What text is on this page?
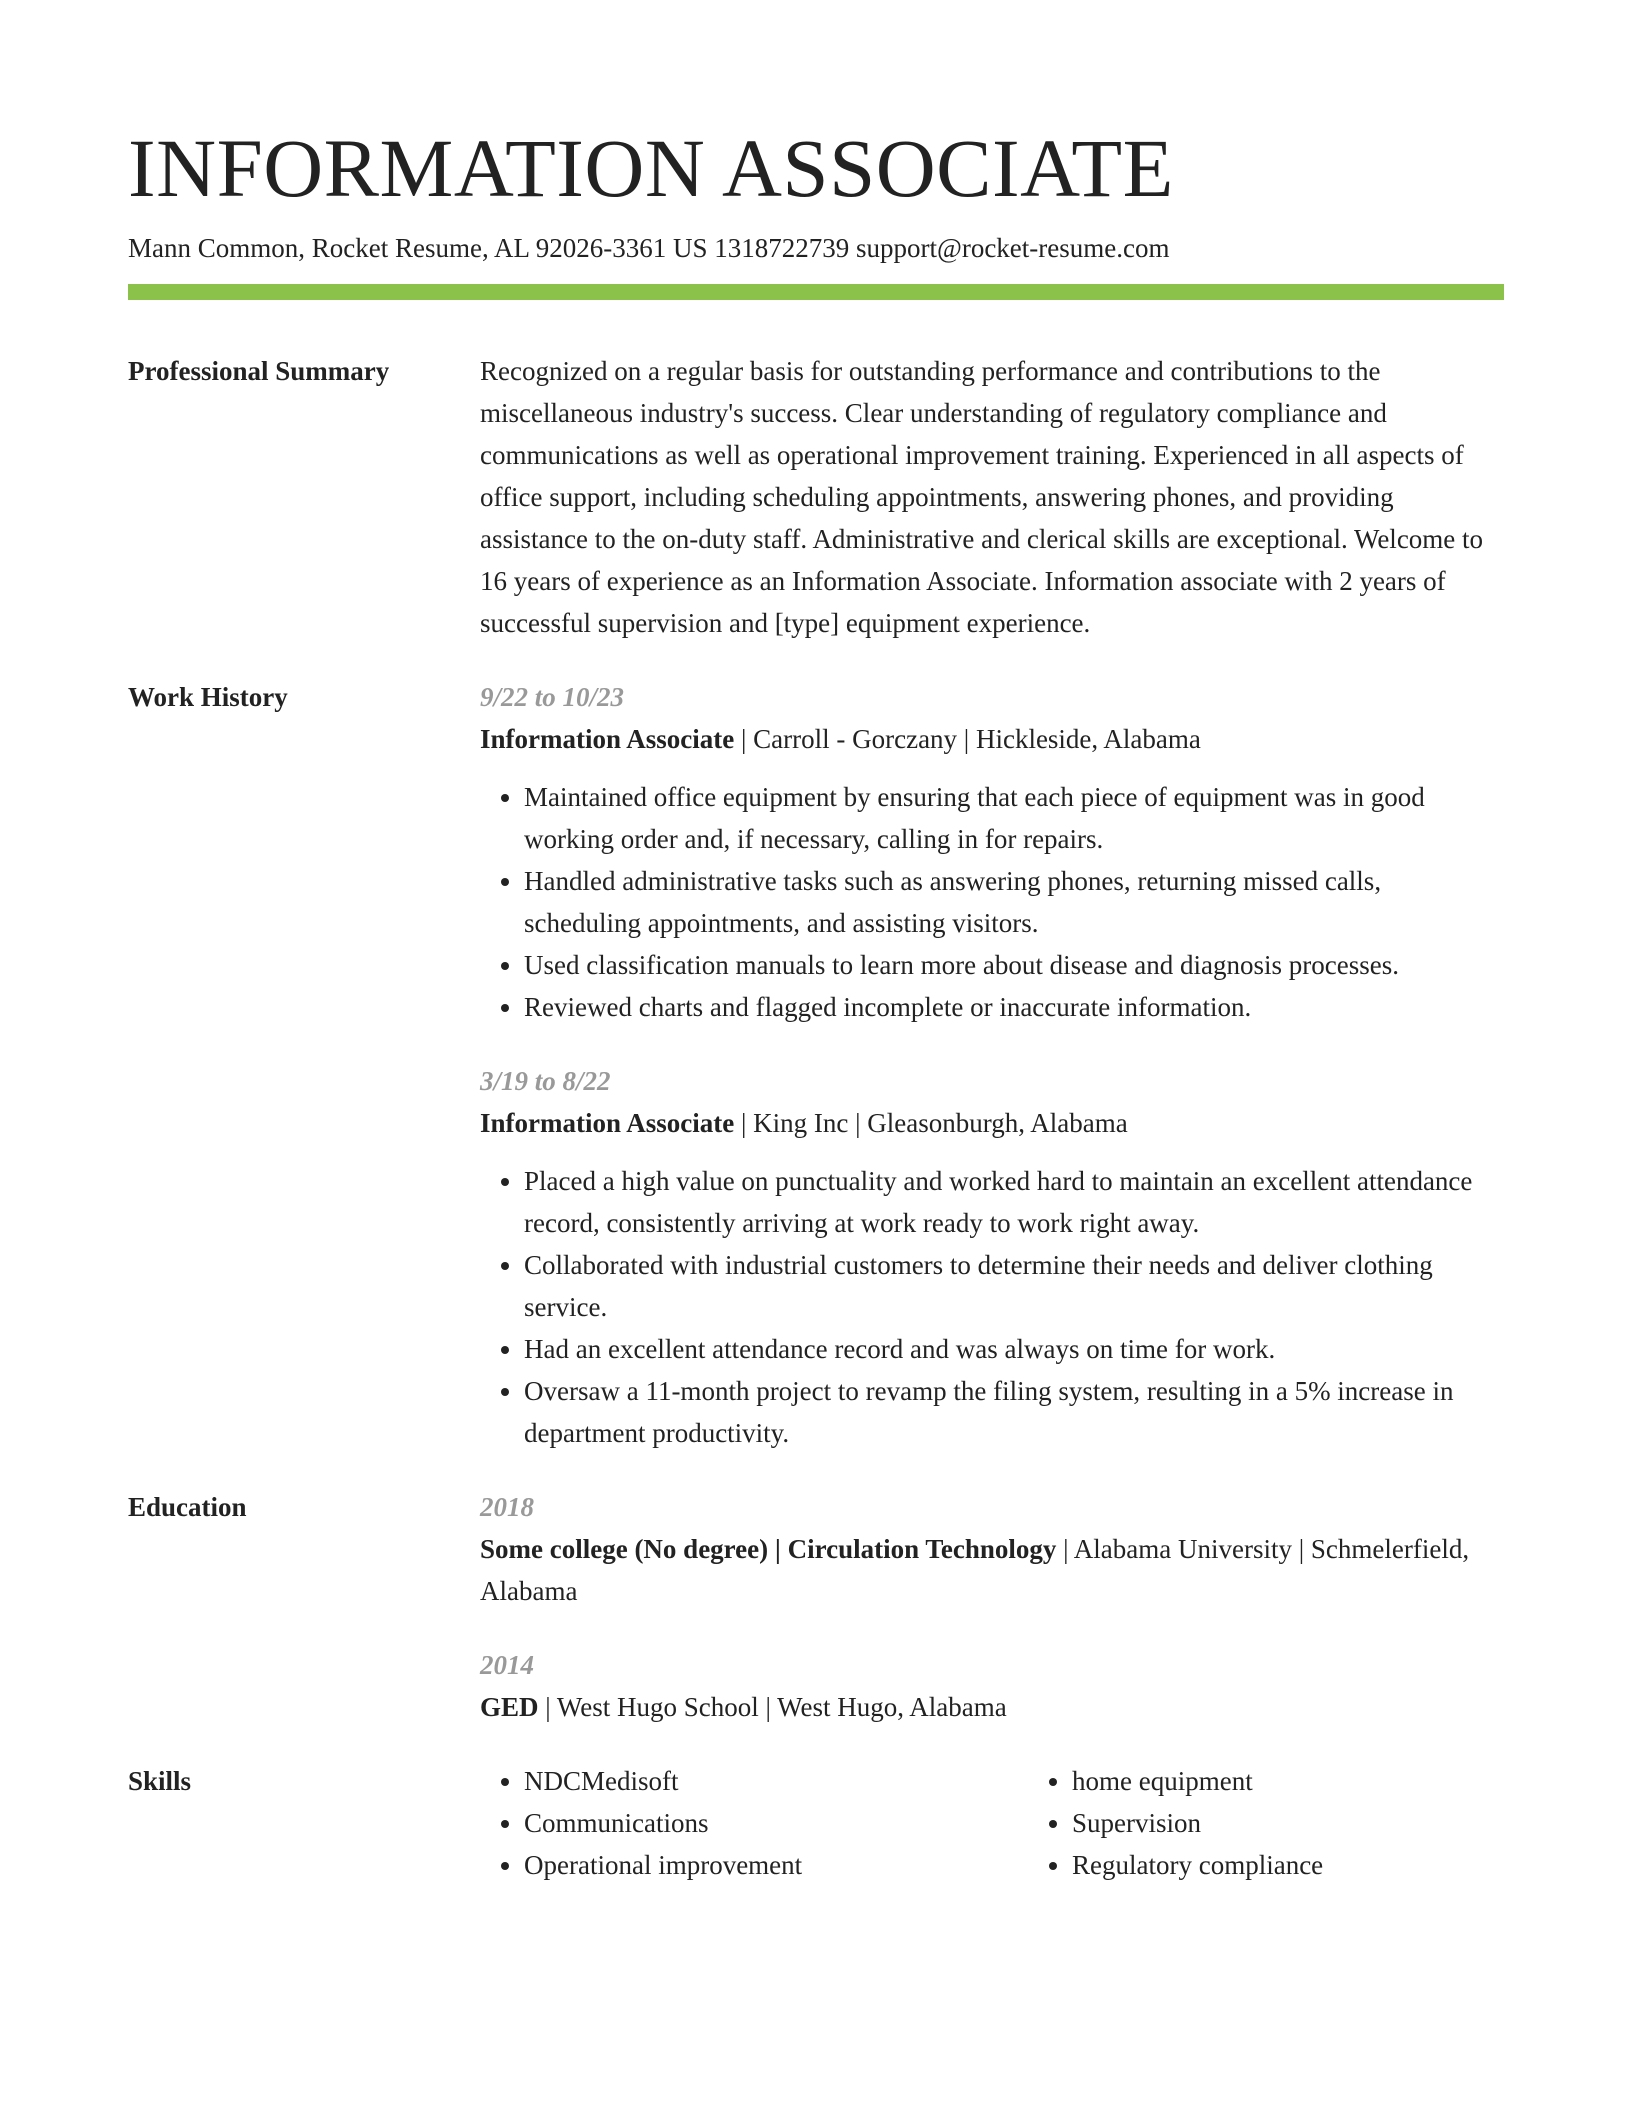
INFORMATION ASSOCIATE
Mann Common, Rocket Resume, AL 92026-3361 US 1318722739 support@rocket-resume.com
Professional Summary	Recognized on a regular basis for outstanding performance and contributions to the miscellaneous industry's success. Clear understanding of regulatory compliance and communications as well as operational improvement training. Experienced in all aspects of office support, including scheduling appointments, answering phones, and providing assistance to the on-duty staff. Administrative and clerical skills are exceptional. Welcome to 16 years of experience as an Information Associate. Information associate with 2 years of successful supervision and [type] equipment experience.
Work History	9/22 to 10/23
Information Associate | Carroll - Gorczany | Hickleside, Alabama
• Maintained office equipment by ensuring that each piece of equipment was in good working order and, if necessary, calling in for repairs.
• Handled administrative tasks such as answering phones, returning missed calls, scheduling appointments, and assisting visitors.
• Used classification manuals to learn more about disease and diagnosis processes.
• Reviewed charts and flagged incomplete or inaccurate information.
3/19 to 8/22
Information Associate | King Inc | Gleasonburgh, Alabama
• Placed a high value on punctuality and worked hard to maintain an excellent attendance record, consistently arriving at work ready to work right away.
• Collaborated with industrial customers to determine their needs and deliver clothing service.
• Had an excellent attendance record and was always on time for work.
• Oversaw a 11-month project to revamp the filing system, resulting in a 5% increase in department productivity.
Education	2018
Some college (No degree) | Circulation Technology | Alabama University | Schmelerfield, Alabama
2014
GED | West Hugo School | West Hugo, Alabama
Skills
•	NDCMedisoft
• Communications
• Operational improvement
• home equipment
• Supervision
• Regulatory compliance
